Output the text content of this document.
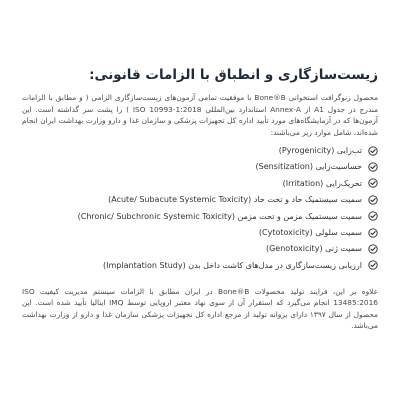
زیست‌سازگاری و انطباق با الزامات قانونی:

محصول زنوگرافت استخوانی Bone®B با موفقیت تمامی آزمون‌های زیست‌سازگاری الزامی ( و مطابق با الزامات مندرج در جدول A1 از Annex-A استاندارد بین‌المللی ISO 10993-1:2018 ) را پشت سر گذاشته است. این آزمون‌ها که در آزمایشگاه‌های مورد تأیید اداره کل تجهیزات پزشکی و سازمان غذا و دارو وزارت بهداشت ایران انجام شده‌اند، شامل موارد زیر می‌باشند:

تب‌زایی (Pyrogenicity)
حساسیت‌زایی (Sensitization)
تحریک‌زایی (Irritation)
سمیت سیستمیک حاد و تحت حاد (Acute/ Subacute Systemic Toxicity)
سمیت سیستمیک مزمن و تحت مزمن (Chronic/ Subchronic Systemic Toxicity)
سمیت سلولی (Cytotoxicity)
سمیت ژنی (Genotoxicity)
ارزیابی زیست‌سازگاری در مدل‌های کاشت داخل بدن (Implantation Study)

علاوه بر این، فرایند تولید محصولات Bone®B در ایران مطابق با الزامات سیستم مدیریت کیفیت ISO 13485:2016 انجام می‌گیرد که استقرار آن از سوی نهاد معتبر اروپایی توسط IMQ ایتالیا تأیید شده است. این محصول از سال ۱۳۹۷ دارای پروانه تولید از مرجع اداره کل تجهیزات پزشکی سازمان غذا و دارو از وزارت بهداشت می‌باشد.
